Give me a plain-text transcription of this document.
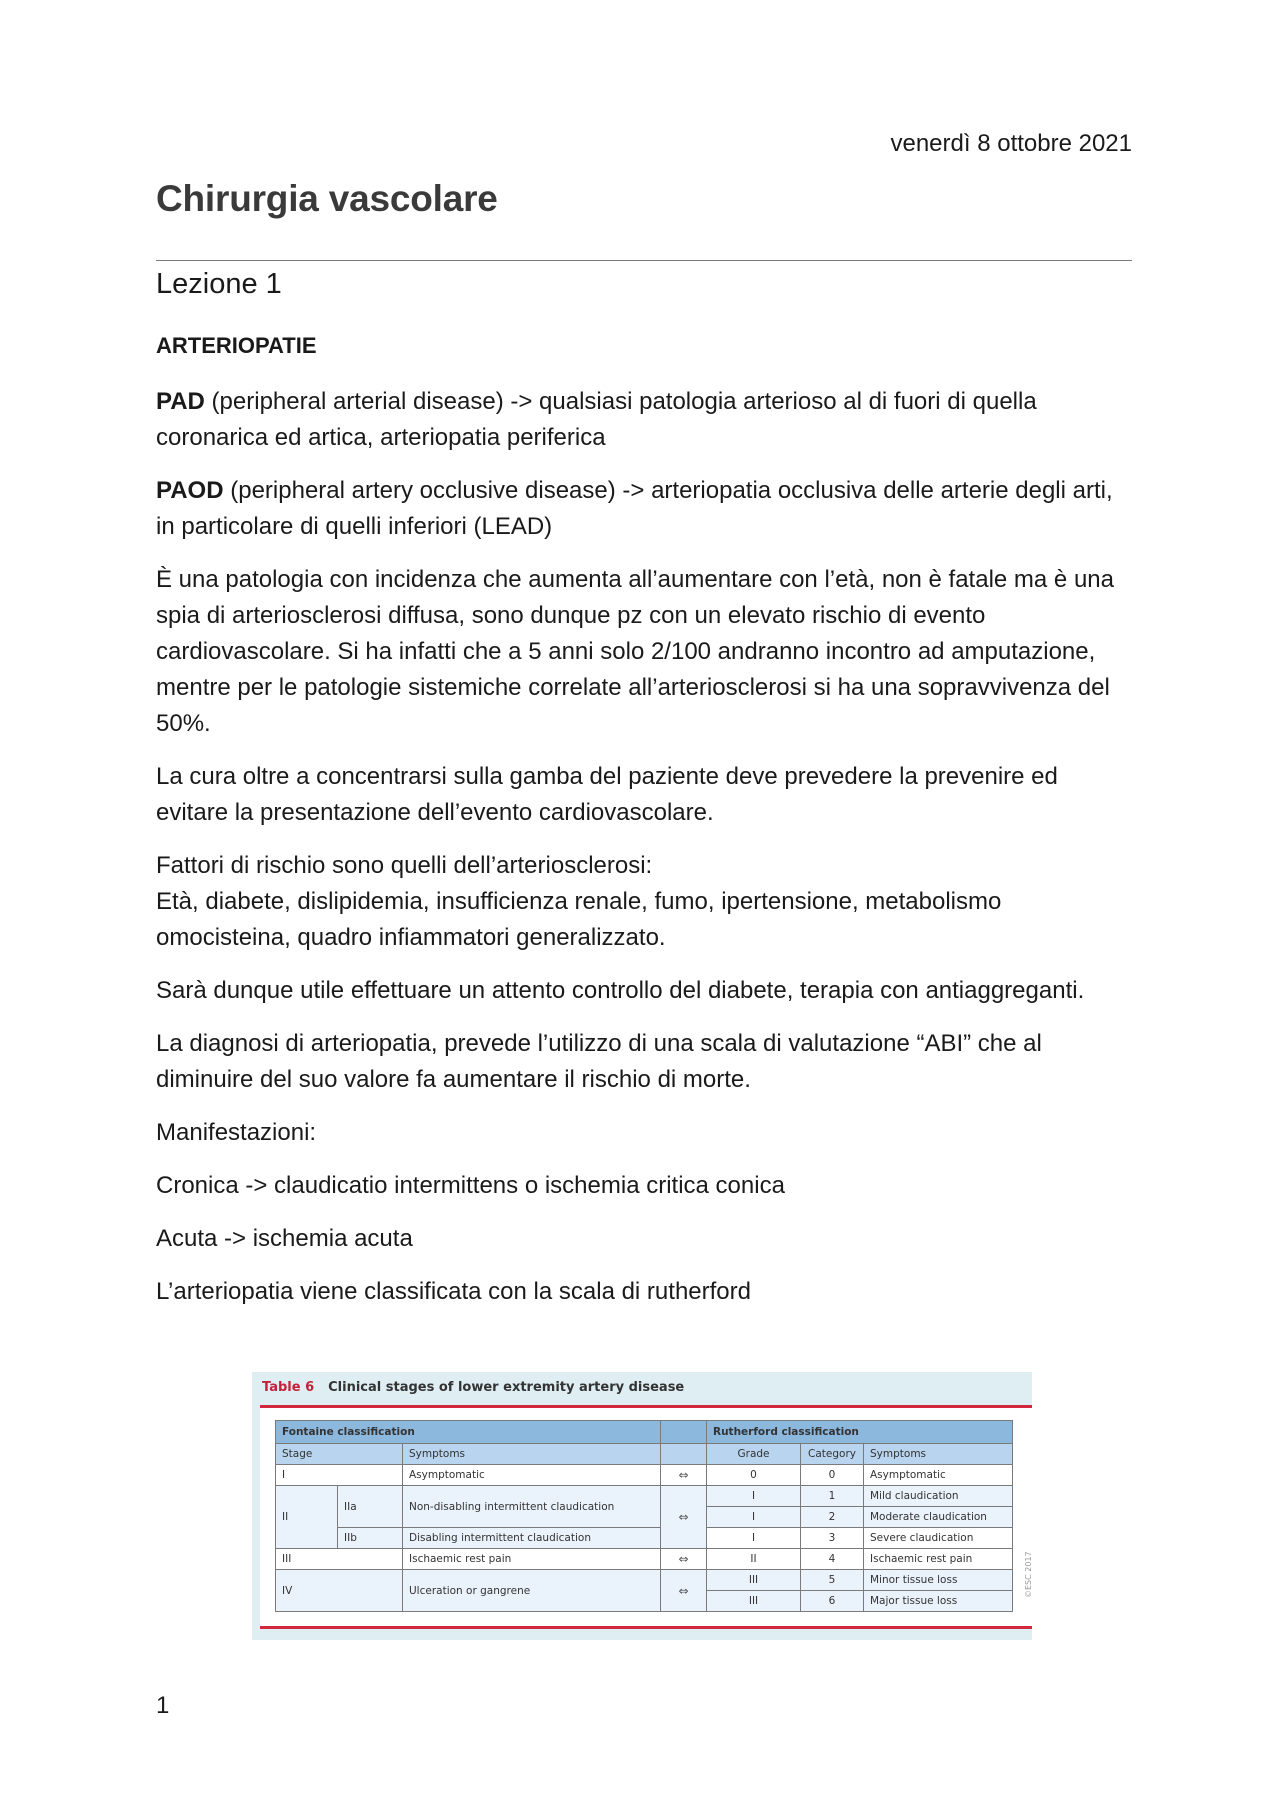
venerdì 8 ottobre 2021
Chirurgia vascolare
Lezione 1
ARTERIOPATIE

PAD (peripheral arterial disease) -> qualsiasi patologia arterioso al di fuori di quella coronarica ed artica, arteriopatia periferica

PAOD (peripheral artery occlusive disease) -> arteriopatia occlusiva delle arterie degli arti, in particolare di quelli inferiori (LEAD)

È una patologia con incidenza che aumenta all’aumentare con l’età, non è fatale ma è una spia di arteriosclerosi diffusa, sono dunque pz con un elevato rischio di evento cardiovascolare. Si ha infatti che a 5 anni solo 2/100 andranno incontro ad amputazione, mentre per le patologie sistemiche correlate all’arteriosclerosi si ha una sopravvivenza del 50%.

La cura oltre a concentrarsi sulla gamba del paziente deve prevedere la prevenire ed evitare la presentazione dell’evento cardiovascolare.

Fattori di rischio sono quelli dell’arteriosclerosi:
Età, diabete, dislipidemia, insufficienza renale, fumo, ipertensione, metabolismo omocisteina, quadro infiammatori generalizzato.

Sarà dunque utile effettuare un attento controllo del diabete, terapia con antiaggreganti.

La diagnosi di arteriopatia, prevede l’utilizzo di una scala di valutazione “ABI” che al diminuire del suo valore fa aumentare il rischio di morte.

Manifestazioni:

Cronica -> claudicatio intermittens o ischemia critica conica

Acuta -> ischemia acuta

L’arteriopatia viene classificata con la scala di rutherford

Table 6 Clinical stages of lower extremity artery disease
Fontaine classification				Rutherford classification		
Stage		Symptoms		Grade	Category	Symptoms
I		Asymptomatic	⇔	0	0	Asymptomatic
II	IIa	Non-disabling intermittent claudication	⇔	I	1	Mild claudication
				I	2	Moderate claudication
	IIb	Disabling intermittent claudication		I	3	Severe claudication
III		Ischaemic rest pain	⇔	II	4	Ischaemic rest pain
IV		Ulceration or gangrene	⇔	III	5	Minor tissue loss
				III	6	Major tissue loss
©ESC 2017
1
